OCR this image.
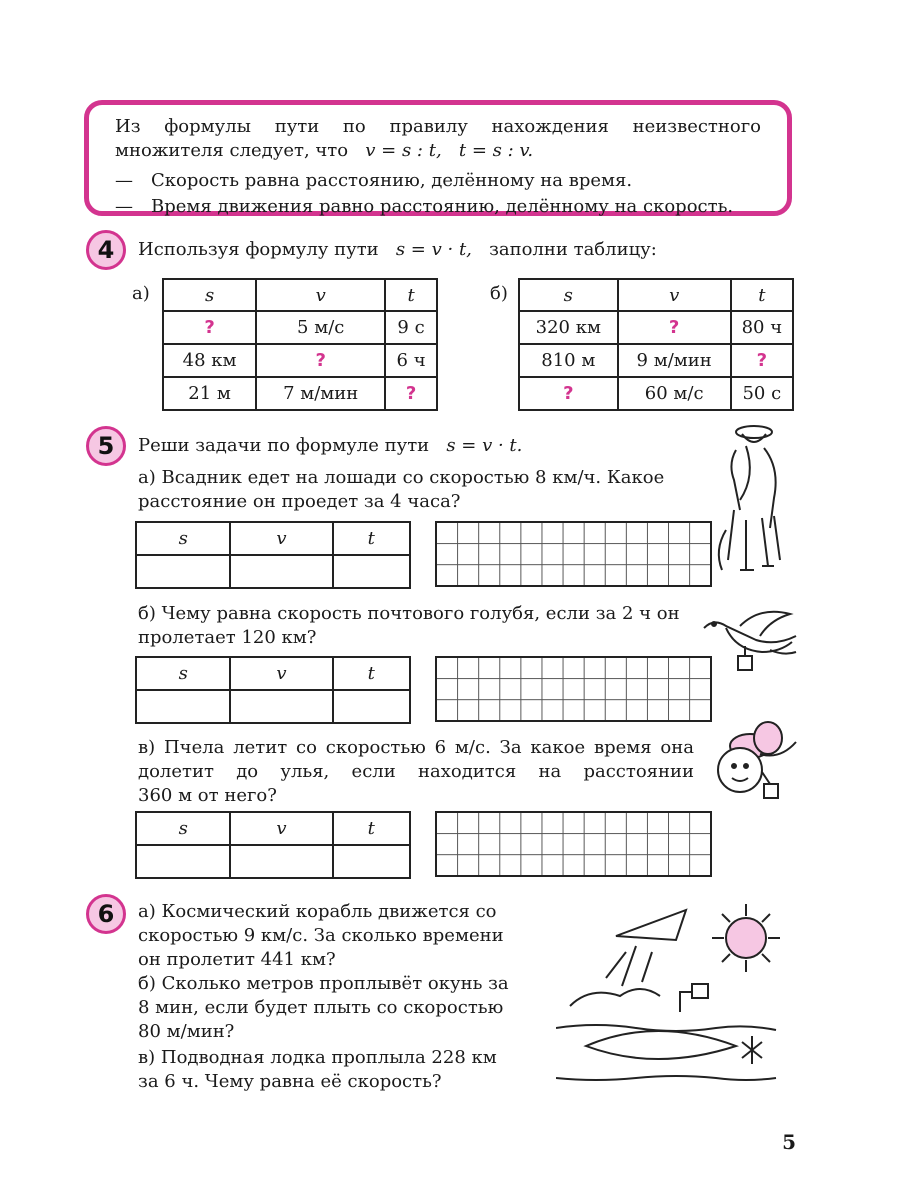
Из формулы пути по правилу нахождения неизвестного

множителя следует, что v = s : t, t = s : v.

— Скорость равна расстоянию, делённому на время.
— Время движения равно расстоянию, делённому на скорость.
4	Используя формулу пути s = v · t, заполни таблицу:
а)	s	v	t
?	5 м/с	9 с
48 км	?	6 ч
21 м	7 м/мин	?
б)	s	v	t
320 км	?	80 ч
810 м	9 м/мин	?
?	60 м/с	50 с
5	Реши задачи по формуле пути s = v · t.
а) Всадник едет на лошади со скоростью 8 км/ч. Какое
расстояние он проедет за 4 часа?
s	v	t

б) Чему равна скорость почтового голубя, если за 2 ч он
пролетает 120 км?
s	v	t

в) Пчела летит со скоростью 6 м/с. За какое время она
долетит до улья, если находится на расстоянии
360 м от него?
s	v	t

6	а) Космический корабль движется со
скоростью 9 км/с. За сколько времени
он пролетит 441 км?
б) Сколько метров проплывёт окунь за
8 мин, если будет плыть со скоростью
80 м/мин?
в) Подводная лодка проплыла 228 км
за 6 ч. Чему равна её скорость?
5
